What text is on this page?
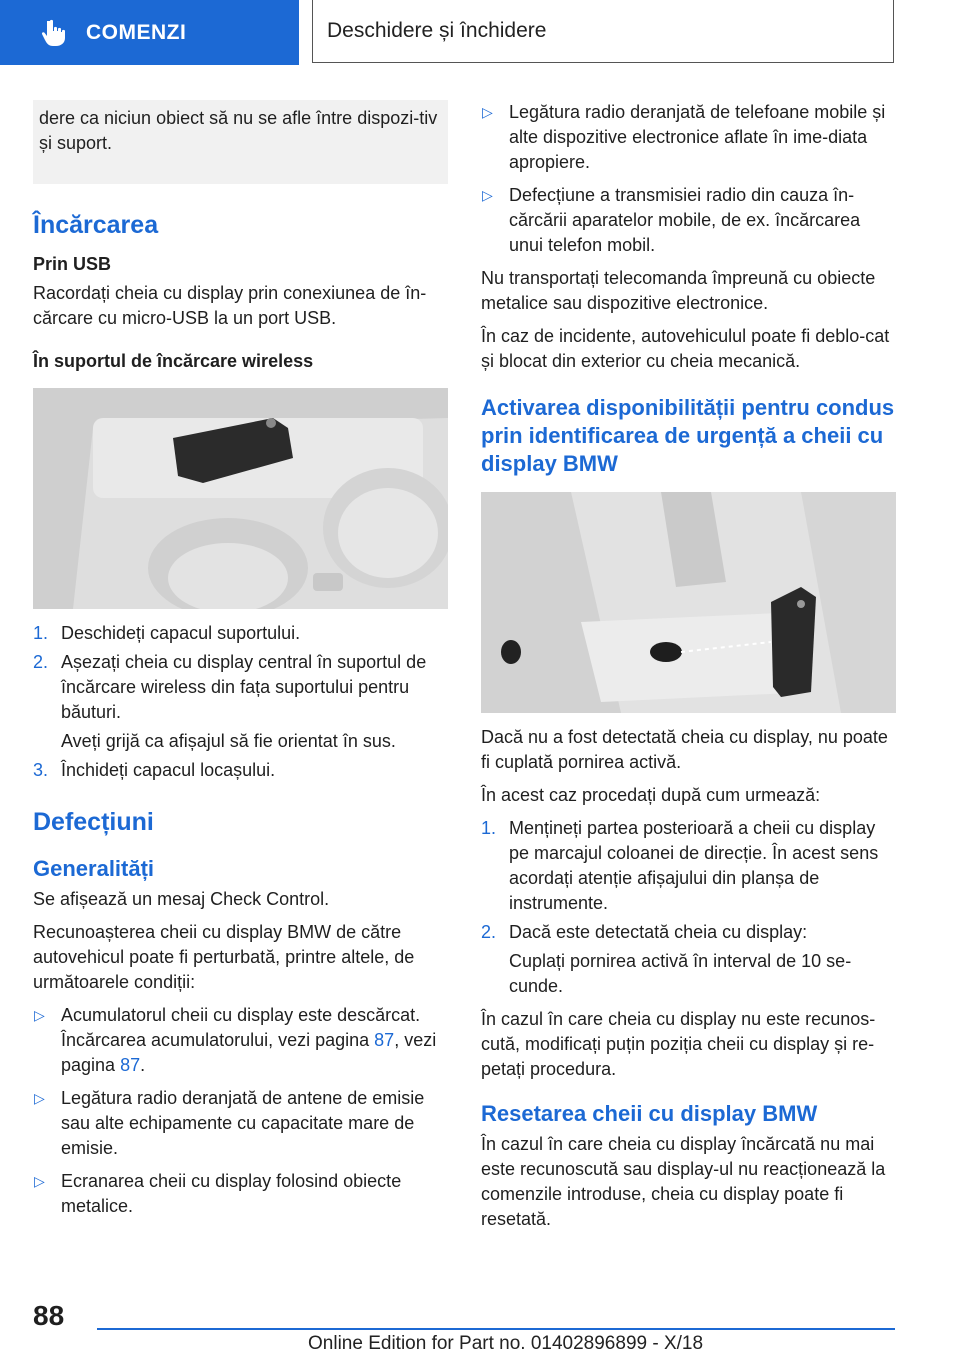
COMENZI	Deschidere și închidere

dere ca niciun obiect să nu se afle între dispozi-tiv și suport.

Încărcarea
Prin USB

Racordați cheia cu display prin conexiunea de în-cărcare cu micro-USB la un port USB.

În suportul de încărcare wireless
1. Deschideți capacul suportului.
2. Așezați cheia cu display central în suportul de încărcare wireless din fața suportului pentru băuturi.
Aveți grijă ca afișajul să fie orientat în sus.
3. Închideți capacul locașului.
Defecțiuni
Generalități

Se afișează un mesaj Check Control.

Recunoașterea cheii cu display BMW de către autovehicul poate fi perturbată, printre altele, de următoarele condiții:

▷ Acumulatorul cheii cu display este descărcat. Încărcarea acumulatorului, vezi pagina 87, vezi pagina 87.
▷ Legătura radio deranjată de antene de emisie sau alte echipamente cu capacitate mare de emisie.
▷ Ecranarea cheii cu display folosind obiecte metalice.
▷ Legătura radio deranjată de telefoane mobile și alte dispozitive electronice aflate în ime-diata apropiere.
▷ Defecțiune a transmisiei radio din cauza în-cărcării aparatelor mobile, de ex. încărcarea unui telefon mobil.

Nu transportați telecomanda împreună cu obiecte metalice sau dispozitive electronice.

În caz de incidente, autovehiculul poate fi deblo-cat și blocat din exterior cu cheia mecanică.

Activarea disponibilității pentru condus prin identificarea de urgență a cheii cu display BMW

Dacă nu a fost detectată cheia cu display, nu poate fi cuplată pornirea activă.

În acest caz procedați după cum urmează:

1. Mențineți partea posterioară a cheii cu display pe marcajul coloanei de direcție. În acest sens acordați atenție afișajului din planșa de instrumente.
2. Dacă este detectată cheia cu display:
Cuplați pornirea activă în interval de 10 se-cunde.

În cazul în care cheia cu display nu este recunos-cută, modificați puțin poziția cheii cu display și re-petați procedura.

Resetarea cheii cu display BMW

În cazul în care cheia cu display încărcată nu mai este recunoscută sau display-ul nu reacționează la comenzile introduse, cheia cu display poate fi resetată.

88
Online Edition for Part no. 01402896899 - X/18
